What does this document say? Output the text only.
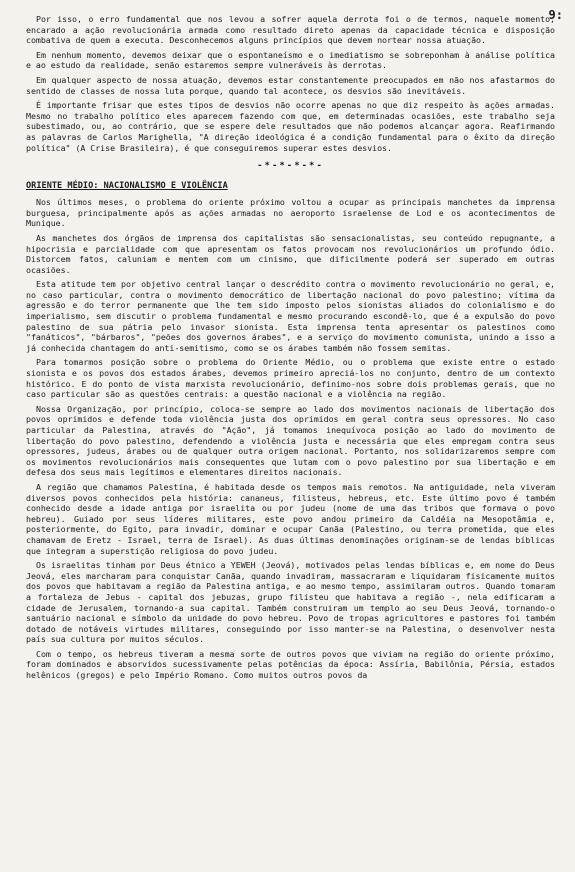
9:

Por isso, o erro fundamental que nos levou a sofrer aquela derrota foi o de termos, naquele momento, encarado a ação revolucionária armada como resultado direto apenas da capacidade técnica e disposição combativa de quem a executa. Desconhecemos alguns princípios que devem nortear nossa atuação.

Em nenhum momento, devemos deixar que o espontaneísmo e o imediatismo se sobreponham à análise política e ao estudo da realidade, senão estaremos sempre vulneráveis às derrotas.

Em qualquer aspecto de nossa atuação, devemos estar constantemente preocupados em não nos afastarmos do sentido de classes de nossa luta porque, quando tal acontece, os desvios são inevitáveis.

É importante frisar que estes tipos de desvios não ocorre apenas no que diz respeito às ações armadas. Mesmo no trabalho político eles aparecem fazendo com que, em determinadas ocasiões, este trabalho seja subestimado, ou, ao contrário, que se espere dele resultados que não podemos alcançar agora. Reafirmando as palavras de Carlos Marighella, "A direção ideológica é a condição fundamental para o êxito da direção política" (A Crise Brasileira), é que conseguiremos superar estes desvios.

-*-*-*-*-
ORIENTE MÉDIO: NACIONALISMO E VIOLÊNCIA

Nos últimos meses, o problema do oriente próximo voltou a ocupar as principais manchetes da imprensa burguesa, principalmente após as ações armadas no aeroporto israelense de Lod e os acontecimentos de Munique.

As manchetes dos órgãos de imprensa dos capitalistas são sensacionalistas, seu conteúdo repugnante, a hipocrisia e parcialidade com que apresentam os fatos provocam nos revolucionários um profundo ódio. Distorcem fatos, caluniam e mentem com um cinismo, que dificilmente poderá ser superado em outras ocasiões.

Esta atitude tem por objetivo central lançar o descrédito contra o movimento revolucionário no geral, e, no caso particular, contra o movimento democrático de libertação nacional do povo palestino; vítima da agressão e do terror permanente que lhe tem sido imposto pelos sionistas aliados do colonialismo e do imperialismo, sem discutir o problema fundamental e mesmo procurando escondê-lo, que é a expulsão do povo palestino de sua pátria pelo invasor sionista. Esta imprensa tenta apresentar os palestinos como "fanáticos", "bárbaros", "peões dos governos árabes", e a serviço do movimento comunista, unindo a isso a já conhecida chantagem do anti-semitismo, como se os árabes também não fossem semitas.

Para tomarmos posição sobre o problema do Oriente Médio, ou o problema que existe entre o estado sionista e os povos dos estados árabes, devemos primeiro apreciá-los no conjunto, dentro de um contexto histórico. E do ponto de vista marxista revolucionário, definimo-nos sobre dois problemas gerais, que no caso particular são as questões centrais: a questão nacional e a violência na região.

Nossa Organização, por princípio, coloca-se sempre ao lado dos movimentos nacionais de libertação dos povos oprimidos e defende toda violência justa dos oprimidos em geral contra seus opressores. No caso particular da Palestina, através do "Ação", já tomamos inequívoca posição ao lado do movimento de libertação do povo palestino, defendendo a violência justa e necessária que eles empregam contra seus opressores, judeus, árabes ou de qualquer outra origem nacional. Portanto, nos solidarizaremos sempre com os movimentos revolucionários mais consequentes que lutam com o povo palestino por sua libertação e em defesa dos seus mais legítimos e elementares direitos nacionais.

A região que chamamos Palestina, é habitada desde os tempos mais remotos. Na antiguidade, nela viveram diversos povos conhecidos pela história: cananeus, filisteus, hebreus, etc. Este último povo é também conhecido desde a idade antiga por israelita ou por judeu (nome de uma das tribos que formava o povo hebreu). Guiado por seus líderes militares, este povo andou primeiro da Caldéia na Mesopotâmia e, posteriormente, do Egito, para invadir, dominar e ocupar Canãa (Palestino, ou terra prometida, que eles chamavam de Eretz - Israel, terra de Israel). As duas últimas denominações originam-se de lendas bíblicas que integram a superstição religiosa do povo judeu.

Os israelitas tinham por Deus étnico a YEWEH (Jeová), motivados pelas lendas bíblicas e, em nome do Deus Jeová, eles marcharam para conquistar Canãa, quando invadiram, massacraram e liquidaram fisicamente muitos dos povos que habitavam a região da Palestina antiga, e ao mesmo tempo, assimilaram outros. Quando tomaram a fortaleza de Jebus - capital dos jebuzas, grupo filisteu que habitava a região -, nela edificaram a cidade de Jerusalem, tornando-a sua capital. Também construiram um templo ao seu Deus Jeová, tornando-o santuário nacional e símbolo da unidade do povo hebreu. Povo de tropas agricultores e pastores foi também dotado de notáveis virtudes militares, conseguindo por isso manter-se na Palestina, o desenvolver nesta país sua cultura por muitos séculos.

Com o tempo, os hebreus tiveram a mesma sorte de outros povos que viviam na região do oriente próximo, foram dominados e absorvidos sucessivamente pelas potências da época: Assíria, Babilônia, Pérsia, estados helênicos (gregos) e pelo Império Romano. Como muitos outros povos da
